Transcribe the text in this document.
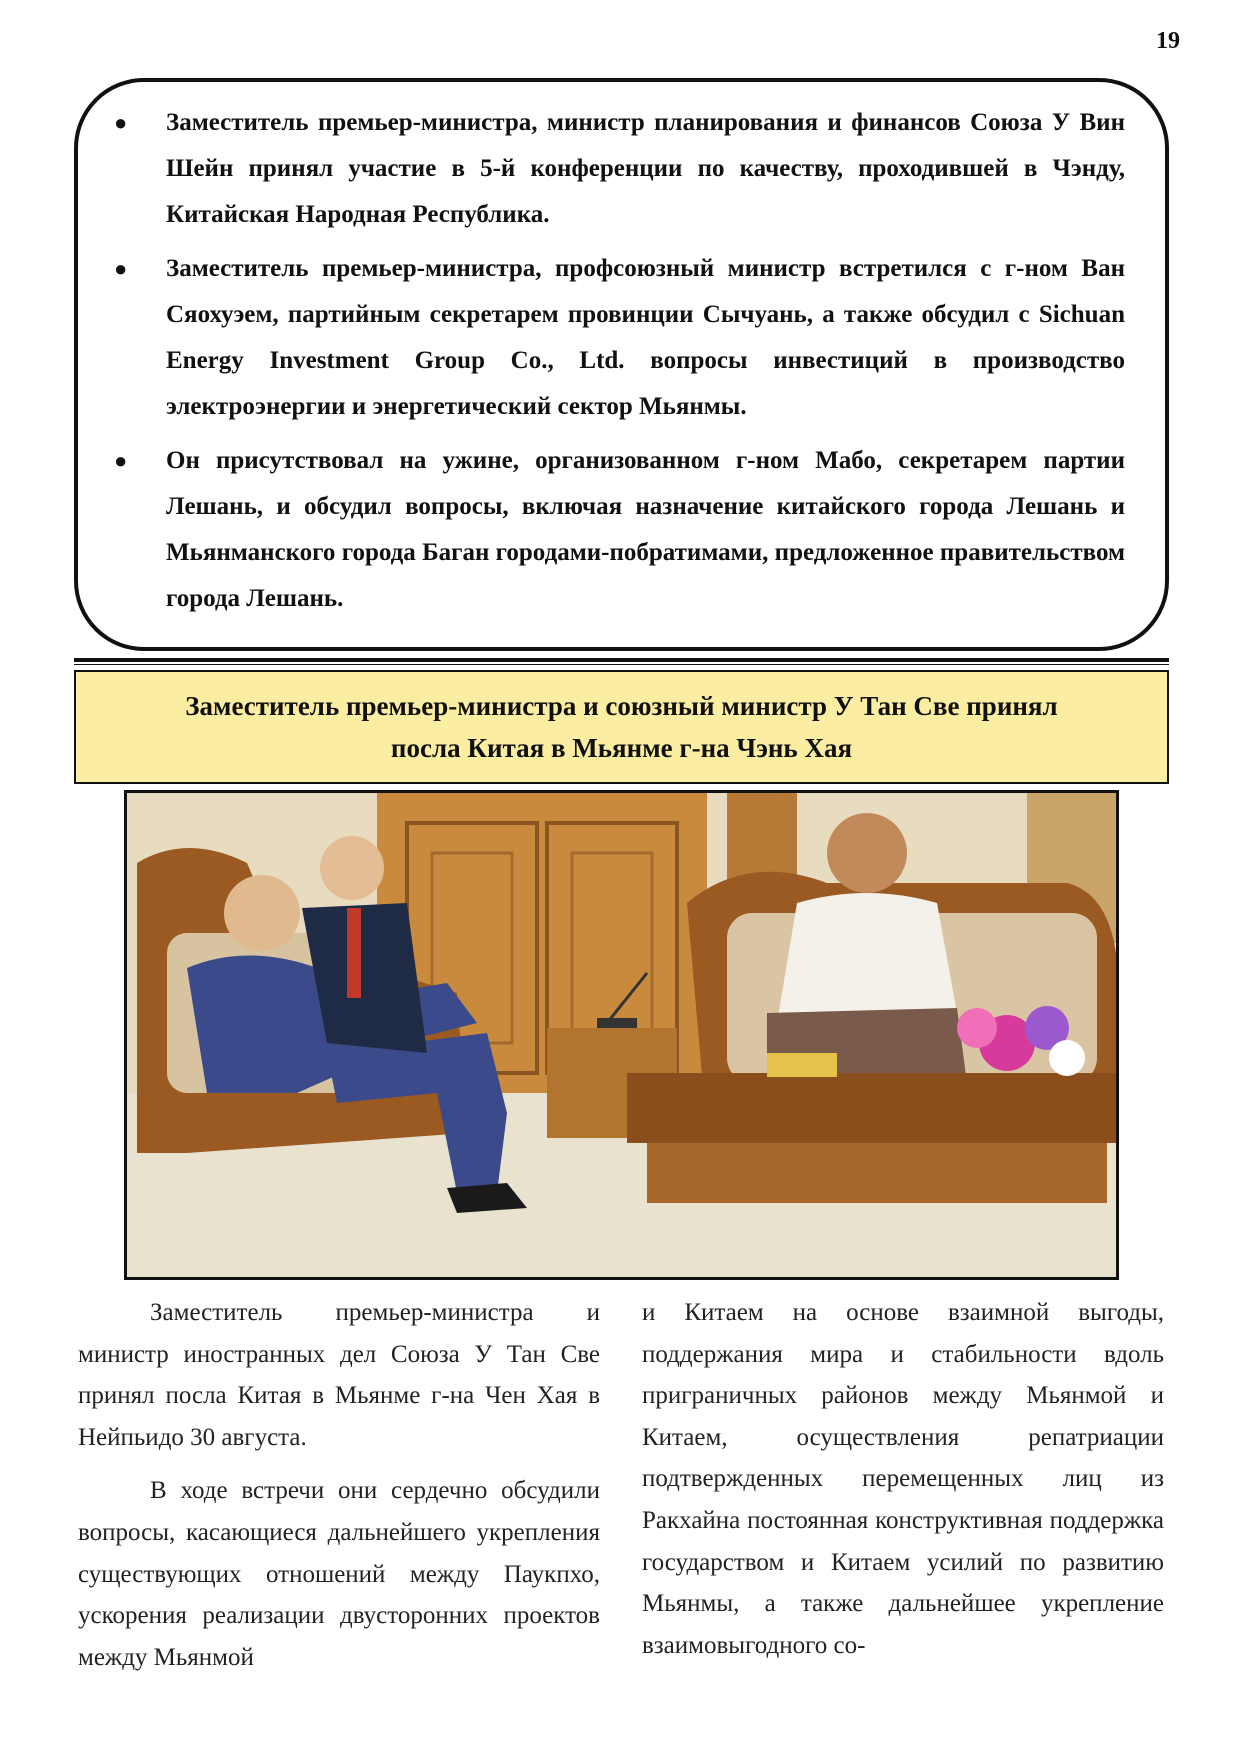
19
● Заместитель премьер-министра, министр планирования и финансов Союза У Вин Шейн принял участие в 5-й конференции по качеству, проходившей в Чэнду, Китайская Народная Республика.
● Заместитель премьер-министра, профсоюзный министр встретился с г-ном Ван Сяохуэем, партийным секретарем провинции Сычуань, а также обсудил с Sichuan Energy Investment Group Co., Ltd. вопросы инвестиций в производство электроэнергии и энергетический сектор Мьянмы.
● Он присутствовал на ужине, организованном г-ном Мабо, секретарем партии Лешань, и обсудил вопросы, включая назначение китайского города Лешань и Мьянманского города Баган городами-побратимами, предложенное правительством города Лешань.
Заместитель премьер-министра и союзный министр У Тан Све принял
посла Китая в Мьянме г-на Чэнь Хая

Заместитель премьер-министра и министр иностранных дел Союза У Тан Све принял посла Китая в Мьянме г-на Чен Хая в Нейпьидо 30 августа.

В ходе встречи они сердечно обсудили вопросы, касающиеся дальнейшего укрепления существующих отношений между Паукпхо, ускорения реализации двусторонних проектов между Мьянмой

и Китаем на основе взаимной выгоды, поддержания мира и стабильности вдоль приграничных районов между Мьянмой и Китаем, осуществления репатриации подтвержденных перемещенных лиц из Ракхайна постоянная конструктивная поддержка государством и Китаем усилий по развитию Мьянмы, а также дальнейшее укрепление взаимовыгодного со-
